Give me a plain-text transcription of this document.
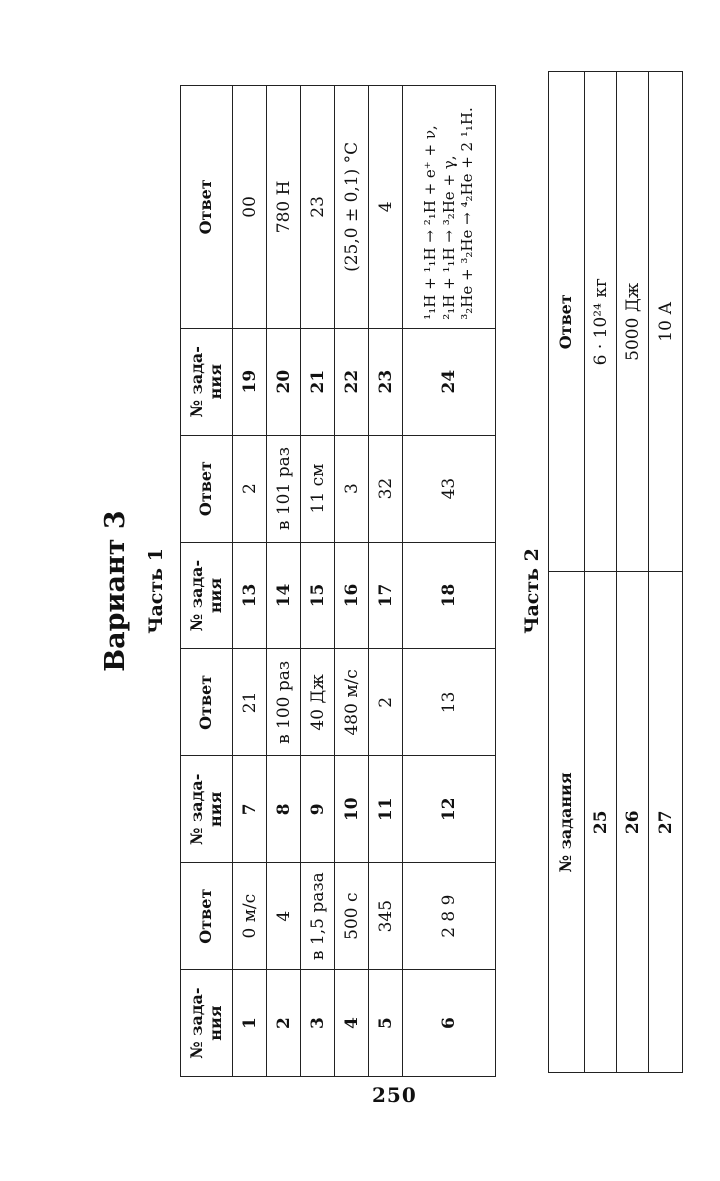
Вариант 3 Часть 1
№ зада-ния	Ответ	№ зада-ния	Ответ	№ зада-ния	Ответ	№ зада-ния	Ответ
1	0 м/с	7	21	13	2	19	00
2	4	8	в 100 раз	14	в 101 раз	20	780 Н
3	в 1,5 раза	9	40 Дж	15	11 см	21	23
4	500 с	10	480 м/с	16	3	22	(25,0 ± 0,1) °C
5	345	11	2	17	32	23	4
6	2 8 9	12	13	18	43	24	¹₁H + ¹₁H → ²₁H + e⁺ + ν, ²₁H + ¹₁H → ³₂He + γ, ³₂He + ³₂He → ⁴₂He + 2 ¹₁H.
Часть 2
№ задания	Ответ
25	6 · 10²⁴ кг
26	5000 Дж
27	10 А
250
